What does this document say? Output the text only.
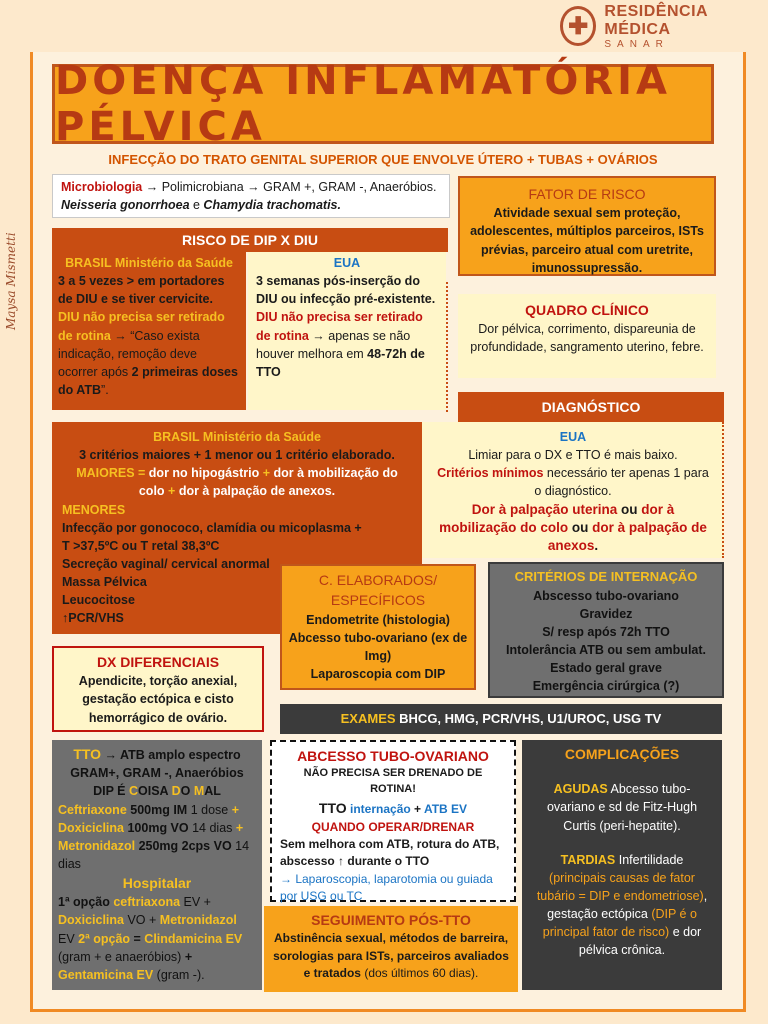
✚
RESIDÊNCIA MÉDICA
SANAR
Maysa Mismetti
DOENÇA INFLAMATÓRIA PÉLVICA
INFECÇÃO DO TRATO GENITAL SUPERIOR QUE ENVOLVE ÚTERO + TUBAS + OVÁRIOS
Microbiologia → Polimicrobiana → GRAM +, GRAM -, Anaeróbios. Neisseria gonorrhoea e Chamydia trachomatis.
FATOR DE RISCO
Atividade sexual sem proteção, adolescentes, múltiplos parceiros, ISTs prévias, parceiro atual com uretrite, imunossupressão.
QUADRO CLÍNICO
Dor pélvica, corrimento, dispareunia de profundidade, sangramento uterino, febre.
RISCO DE DIP X DIU
BRASIL Ministério da Saúde
3 a 5 vezes > em portadores de DIU e se tiver cervicite.
DIU não precisa ser retirado de rotina → “Caso exista indicação, remoção deve ocorrer após 2 primeiras doses do ATB”.
EUA
3 semanas pós-inserção do DIU ou infecção pré-existente.
DIU não precisa ser retirado de rotina → apenas se não houver melhora em 48-72h de TTO
DIAGNÓSTICO
BRASIL Ministério da Saúde
3 critérios maiores + 1 menor ou 1 critério elaborado.
MAIORES = dor no hipogástrio + dor à mobilização do colo + dor à palpação de anexos.
MENORES
Infecção por gonococo, clamídia ou micoplasma +
T >37,5ºC ou T retal 38,3ºC
Secreção vaginal/ cervical anormal
Massa Pélvica
Leucocitose
↑PCR/VHS
EUA
Limiar para o DX e TTO é mais baixo.
Critérios mínimos necessário ter apenas 1 para o diagnóstico.
Dor à palpação uterina ou dor à mobilização do colo ou dor à palpação de anexos.
C. ELABORADOS/ ESPECÍFICOS
Endometrite (histologia)
Abcesso tubo-ovariano (ex de Img)
Laparoscopia com DIP
CRITÉRIOS DE INTERNAÇÃO
Abscesso tubo-ovariano
Gravidez
S/ resp após 72h TTO
Intolerância ATB ou sem ambulat.
Estado geral grave
Emergência cirúrgica (?)
DX DIFERENCIAIS
Apendicite, torção anexial, gestação ectópica e cisto hemorrágico de ovário.	EXAMES BHCG, HMG, PCR/VHS, U1/UROC, USG TV
TTO → ATB amplo espectro GRAM+, GRAM -, Anaeróbios
DIP É COISA DO MAL
Ceftriaxone 500mg IM 1 dose +
Doxiciclina 100mg VO 14 dias +
Metronidazol 250mg 2cps VO 14 dias
Hospitalar
1ª opção ceftriaxona EV + Doxiciclina VO + Metronidazol EV 2ª opção = Clindamicina EV (gram + e anaeróbios) + Gentamicina EV (gram -).
ABCESSO TUBO-OVARIANO
NÃO PRECISA SER DRENADO DE ROTINA!
TTO internação + ATB EV
QUANDO OPERAR/DRENAR
Sem melhora com ATB, rotura do ATB, abscesso ↑ durante o TTO
→ Laparoscopia, laparotomia ou guiada por USG ou TC
SEGUIMENTO PÓS-TTO
Abstinência sexual, métodos de barreira, sorologias para ISTs, parceiros avaliados e tratados (dos últimos 60 dias).
COMPLICAÇÕES
AGUDAS Abcesso tubo-ovariano e sd de Fitz-Hugh Curtis (peri-hepatite).
TARDIAS Infertilidade (principais causas de fator tubário = DIP e endometriose), gestação ectópica (DIP é o principal fator de risco) e dor pélvica crônica.
